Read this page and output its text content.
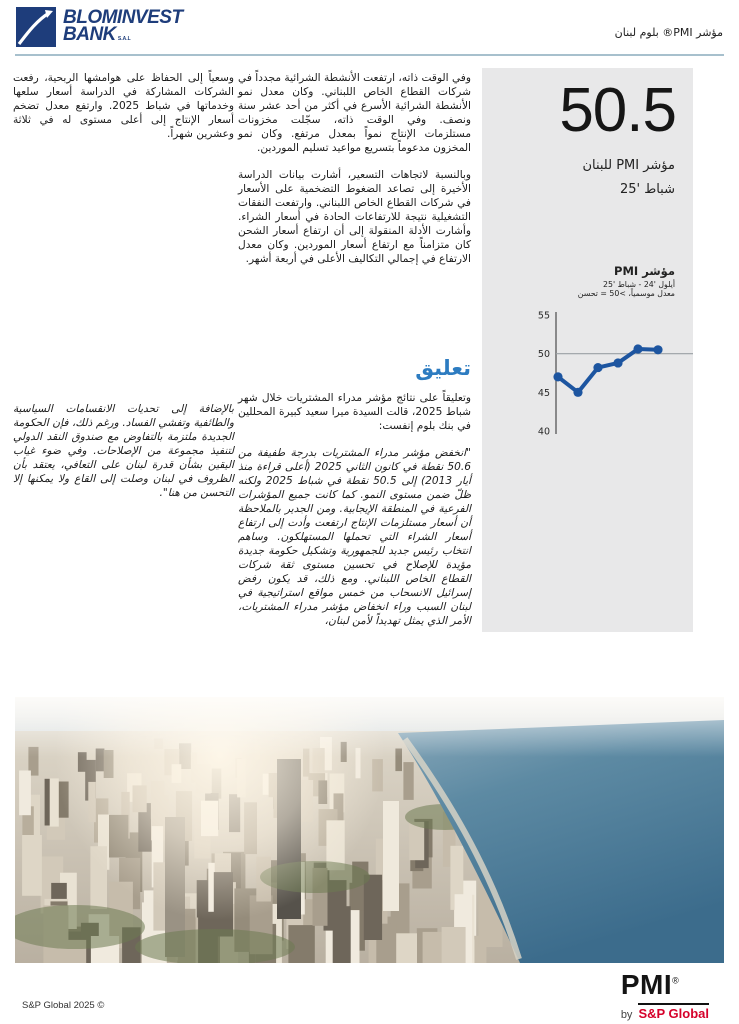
BLOMINVEST
BANK S.A.L
مؤشر PMI® بلوم لبنان

وفي الوقت ذاته، ارتفعت الأنشطة الشرائية مجدداً في شركات القطاع الخاص اللبناني. وكان معدل نمو الأنشطة الشرائية الأسرع في أكثر من أحد عشر سنة ونصف. وفي الوقت ذاته، سجّلت مخزونات مستلزمات الإنتاج نمواً بمعدل مرتفع. وكان نمو المخزون مدعوماً بتسريع مواعيد تسليم الموردين.

وبالنسبة لاتجاهات التسعير، أشارت بيانات الدراسة الأخيرة إلى تصاعد الضغوط التضخمية على الأسعار في شركات القطاع الخاص اللبناني. وارتفعت النفقات التشغيلية نتيجة للارتفاعات الحادة في أسعار الشراء. وأشارت الأدلة المنقولة إلى أن ارتفاع أسعار الشحن كان متزامناً مع ارتفاع أسعار الموردين. وكان معدل الارتفاع في إجمالي التكاليف الأعلى في أربعة أشهر.

وسعياً إلى الحفاظ على هوامشها الربحية، رفعت الشركات المشاركة في الدراسة أسعار سلعها وخدماتها في شباط 2025. وارتفع معدل تضخم أسعار الإنتاج إلى أعلى مستوى له في ثلاثة وعشرين شهراً.

تعليق

وتعليقاً على نتائج مؤشر مدراء المشتريات خلال شهر شباط 2025، قالت السيدة ميرا سعيد كبيرة المحللين في بنك بلوم إنفست:

"انخفض مؤشر مدراء المشتريات بدرجة طفيفة من 50.6 نقطة في كانون الثاني 2025 (أعلى قراءة منذ أيار 2013) إلى 50.5 نقطة في شباط 2025 ولكنه ظلّ ضمن مستوى النمو. كما كانت جميع المؤشرات الفرعية في المنطقة الإيجابية. ومن الجدير بالملاحظة أن أسعار مستلزمات الإنتاج ارتفعت وأدت إلى ارتفاع أسعار الشراء التي تحملها المستهلكون. وساهم انتخاب رئيس جديد للجمهورية وتشكيل حكومة جديدة مؤيدة للإصلاح في تحسين مستوى ثقة شركات القطاع الخاص اللبناني. ومع ذلك، قد يكون رفض إسرائيل الانسحاب من خمس مواقع استراتيجية في لبنان السبب وراء انخفاض مؤشر مدراء المشتريات، الأمر الذي يمثل تهديداً لأمن لبنان،

بالإضافة إلى تحديات الانقسامات السياسية والطائفية وتفشي الفساد. ورغم ذلك، فإن الحكومة الجديدة ملتزمة بالتفاوض مع صندوق النقد الدولي لتنفيذ مجموعة من الإصلاحات. وفي ضوء غياب اليقين بشأن قدرة لبنان على التعافي، يعتقد بأن الظروف في لبنان وصلت إلى القاع ولا يمكنها إلا التحسن من هنا".

50.5
مؤشر PMI للبنان
شباط '25
مؤشر PMI
أيلول '24 - شباط '25
معدل موسمياً، >50 = تحسن
55
50
45
40
S&P Global 2025 ©
PMI®
by S&P Global
